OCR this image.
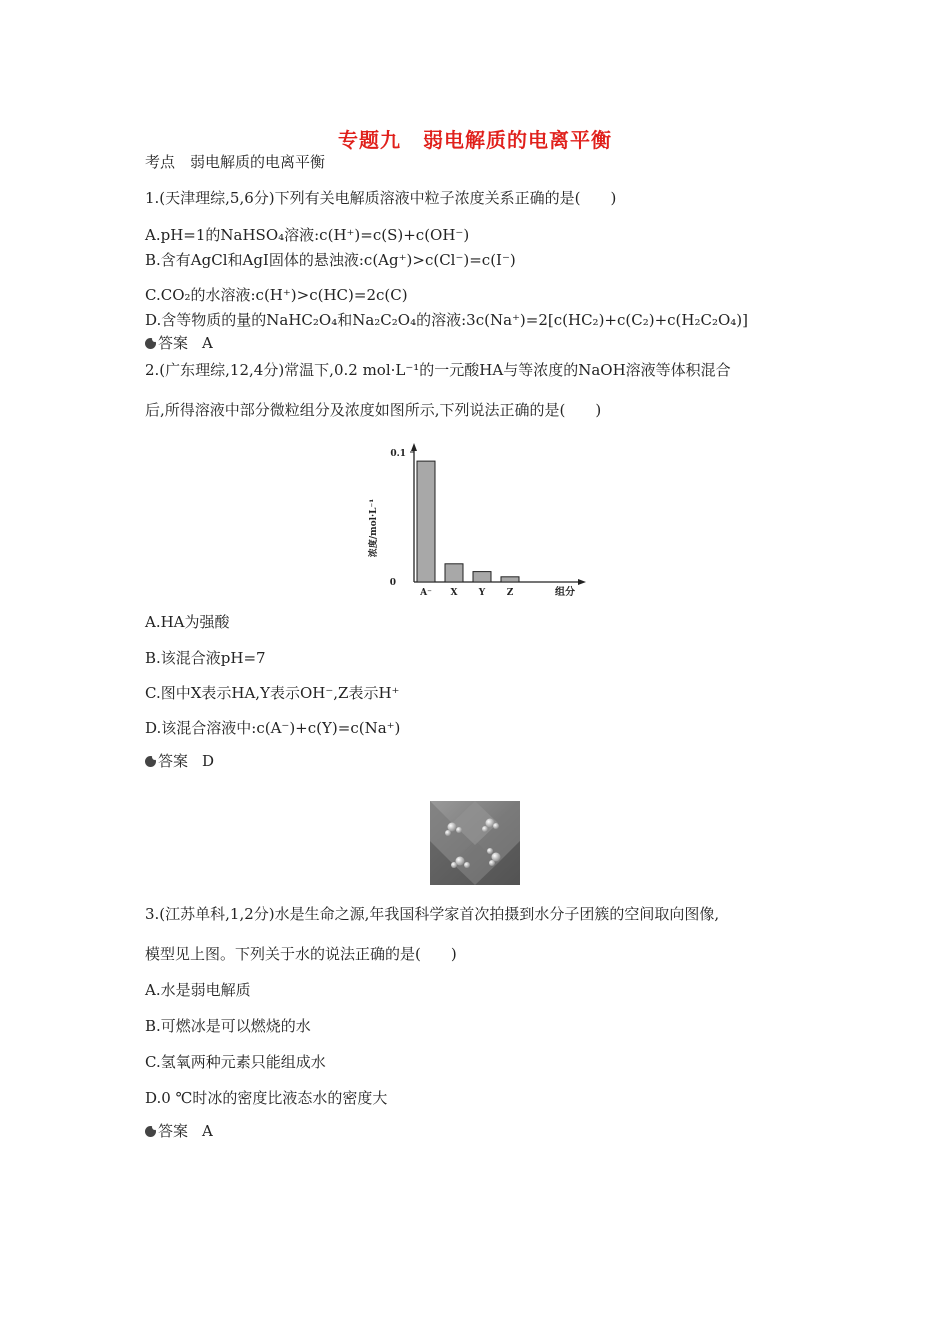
专题九 弱电解质的电离平衡
考点　弱电解质的电离平衡
1.(天津理综,5,6分)下列有关电解质溶液中粒子浓度关系正确的是(　　)
A.pH=1的NaHSO₄溶液:c(H⁺)=c(S)+c(OH⁻)
B.含有AgCl和AgI固体的悬浊液:c(Ag⁺)>c(Cl⁻)=c(I⁻)
C.CO₂的水溶液:c(H⁺)>c(HC)=2c(C)
D.含等物质的量的NaHC₂O₄和Na₂C₂O₄的溶液:3c(Na⁺)=2[c(HC₂)+c(C₂)+c(H₂C₂O₄)]
答案 A
2.(广东理综,12,4分)常温下,0.2 mol·L⁻¹的一元酸HA与等浓度的NaOH溶液等体积混合
后,所得溶液中部分微粒组分及浓度如图所示,下列说法正确的是(　　)
0.1
0
浓度/mol·L⁻¹
A⁻ X Y Z	组分
A.HA为强酸
B.该混合液pH=7
C.图中X表示HA,Y表示OH⁻,Z表示H⁺
D.该混合溶液中:c(A⁻)+c(Y)=c(Na⁺)
答案 D
3.(江苏单科,1,2分)水是生命之源,年我国科学家首次拍摄到水分子团簇的空间取向图像,
模型见上图。下列关于水的说法正确的是(　　)
A.水是弱电解质
B.可燃冰是可以燃烧的水
C.氢氧两种元素只能组成水
D.0 ℃时冰的密度比液态水的密度大
答案 A
